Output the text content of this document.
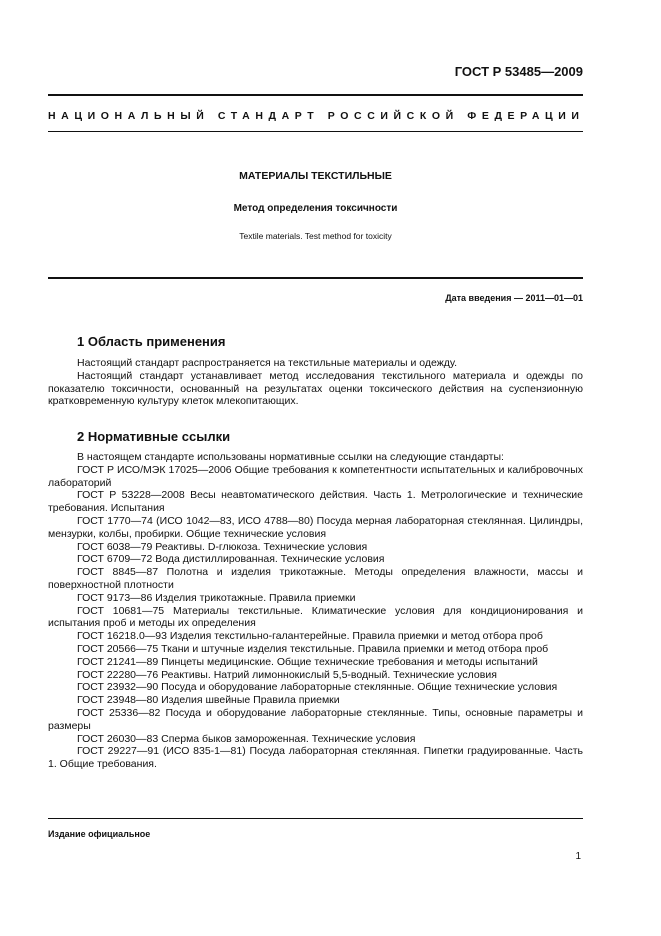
ГОСТ Р 53485—2009
НАЦИОНАЛЬНЫЙ СТАНДАРТ РОССИЙСКОЙ ФЕДЕРАЦИИ

МАТЕРИАЛЫ ТЕКСТИЛЬНЫЕ

Метод определения токсичности

Textile materials. Test method for toxicity

Дата введения — 2011—01—01
1 Область применения

Настоящий стандарт распространяется на текстильные материалы и одежду.

Настоящий стандарт устанавливает метод исследования текстильного материала и одежды по показателю токсичности, основанный на результатах оценки токсического действия на суспензионную кратковременную культуру клеток млекопитающих.

2 Нормативные ссылки

В настоящем стандарте использованы нормативные ссылки на следующие стандарты:

ГОСТ Р ИСО/МЭК 17025—2006 Общие требования к компетентности испытательных и калибровочных лабораторий

ГОСТ Р 53228—2008 Весы неавтоматического действия. Часть 1. Метрологические и технические требования. Испытания

ГОСТ 1770—74 (ИСО 1042—83, ИСО 4788—80) Посуда мерная лабораторная стеклянная. Цилиндры, мензурки, колбы, пробирки. Общие технические условия

ГОСТ 6038—79 Реактивы. D-глюкоза. Технические условия

ГОСТ 6709—72 Вода дистиллированная. Технические условия

ГОСТ 8845—87 Полотна и изделия трикотажные. Методы определения влажности, массы и поверхностной плотности

ГОСТ 9173—86 Изделия трикотажные. Правила приемки

ГОСТ 10681—75 Материалы текстильные. Климатические условия для кондиционирования и испытания проб и методы их определения

ГОСТ 16218.0—93 Изделия текстильно-галантерейные. Правила приемки и метод отбора проб

ГОСТ 20566—75 Ткани и штучные изделия текстильные. Правила приемки и метод отбора проб

ГОСТ 21241—89 Пинцеты медицинские. Общие технические требования и методы испытаний

ГОСТ 22280—76 Реактивы. Натрий лимоннокислый 5,5-водный. Технические условия

ГОСТ 23932—90 Посуда и оборудование лабораторные стеклянные. Общие технические условия

ГОСТ 23948—80 Изделия швейные Правила приемки

ГОСТ 25336—82 Посуда и оборудование лабораторные стеклянные. Типы, основные параметры и размеры

ГОСТ 26030—83 Сперма быков замороженная. Технические условия

ГОСТ 29227—91 (ИСО 835-1—81) Посуда лабораторная стеклянная. Пипетки градуированные. Часть 1. Общие требования.

Издание официальное
1
